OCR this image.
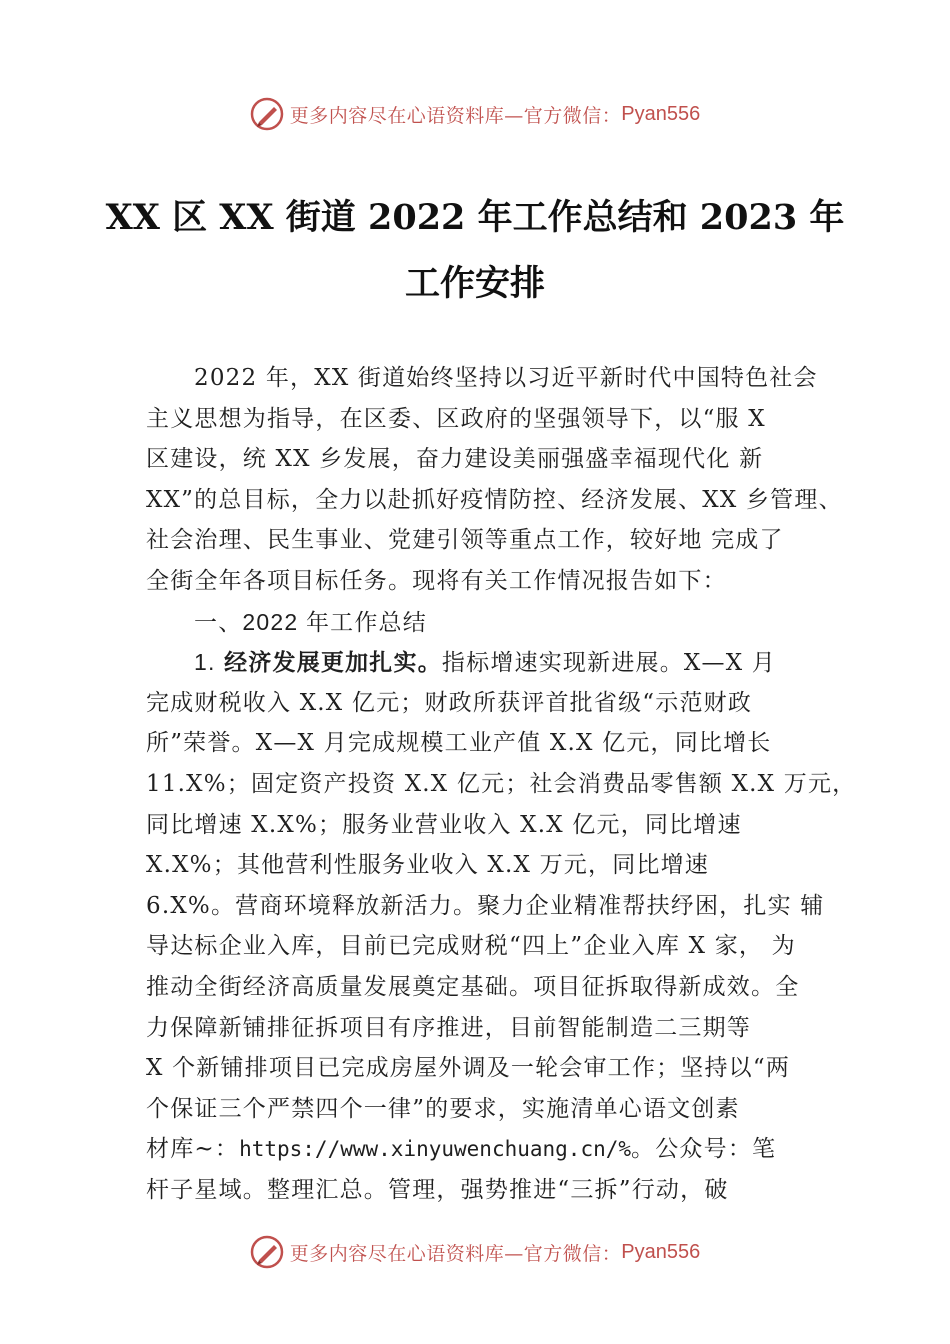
更多内容尽在心语资料库—官方微信： Pyan556
XX 区 XX 街道 2022 年工作总结和 2023 年
工作安排
2022 年，XX 街道始终坚持以习近平新时代中国特色社会
主义思想为指导，在区委、区政府的坚强领导下，以“服 X
区建设，统 XX 乡发展，奋力建设美丽强盛幸福现代化 新
XX”的总目标，全力以赴抓好疫情防控、经济发展、XX 乡管理、
社会治理、民生事业、党建引领等重点工作，较好地 完成了
全街全年各项目标任务。现将有关工作情况报告如下：
一、2022 年工作总结
1. 经济发展更加扎实。指标增速实现新进展。X—X 月
完成财税收入 X.X 亿元；财政所获评首批省级“示范财政
所”荣誉。X—X 月完成规模工业产值 X.X 亿元，同比增长
11.X%；固定资产投资 X.X 亿元；社会消费品零售额 X.X 万元，
同比增速 X.X%；服务业营业收入 X.X 亿元，同比增速
X.X%；其他营利性服务业收入 X.X 万元，同比增速
6.X%。营商环境释放新活力。聚力企业精准帮扶纾困，扎实 辅
导达标企业入库，目前已完成财税“四上”企业入库 X 家， 为
推动全街经济高质量发展奠定基础。项目征拆取得新成效。全
力保障新铺排征拆项目有序推进，目前智能制造二三期等
X 个新铺排项目已完成房屋外调及一轮会审工作；坚持以“两
个保证三个严禁四个一律”的要求，实施清单心语文创素
材库~：https://www.xinyuwenchuang.cn/%。公众号：笔
杆子星域。整理汇总。管理，强势推进“三拆”行动，破
更多内容尽在心语资料库—官方微信： Pyan556
